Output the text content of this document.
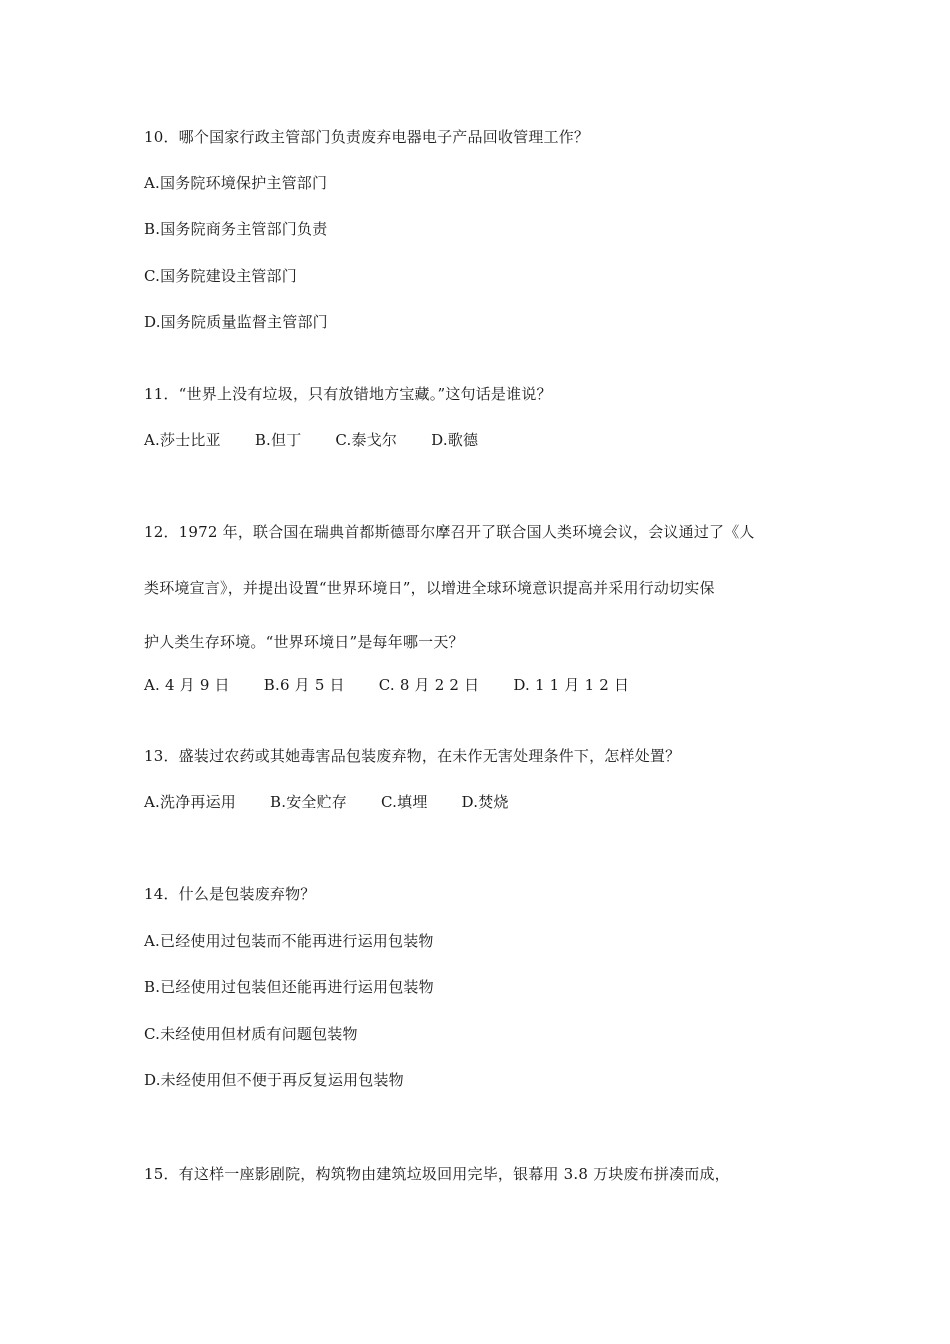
10．哪个国家行政主管部门负责废弃电器电子产品回收管理工作？
A.国务院环境保护主管部门
B.国务院商务主管部门负责
C.国务院建设主管部门
D.国务院质量监督主管部门
11．“世界上没有垃圾，只有放错地方宝藏。”这句话是谁说？
A.莎士比亚 B.但丁 C.泰戈尔 D.歌德
12．1972 年，联合国在瑞典首都斯德哥尔摩召开了联合国人类环境会议，会议通过了《人
类环境宣言》，并提出设置“世界环境日”，以增进全球环境意识提高并采用行动切实保
护人类生存环境。“世界环境日”是每年哪一天？
A. 4 月 9 日 B.6 月 5 日 C. 8 月 2 2 日 D. 1 1 月 1 2 日
13．盛装过农药或其她毒害品包装废弃物，在未作无害处理条件下，怎样处置？
A.洗净再运用 B.安全贮存 C.填埋 D.焚烧
14．什么是包装废弃物？
A.已经使用过包装而不能再进行运用包装物
B.已经使用过包装但还能再进行运用包装物
C.未经使用但材质有问题包装物
D.未经使用但不便于再反复运用包装物
15．有这样一座影剧院，构筑物由建筑垃圾回用完毕，银幕用 3.8 万块废布拼凑而成，
